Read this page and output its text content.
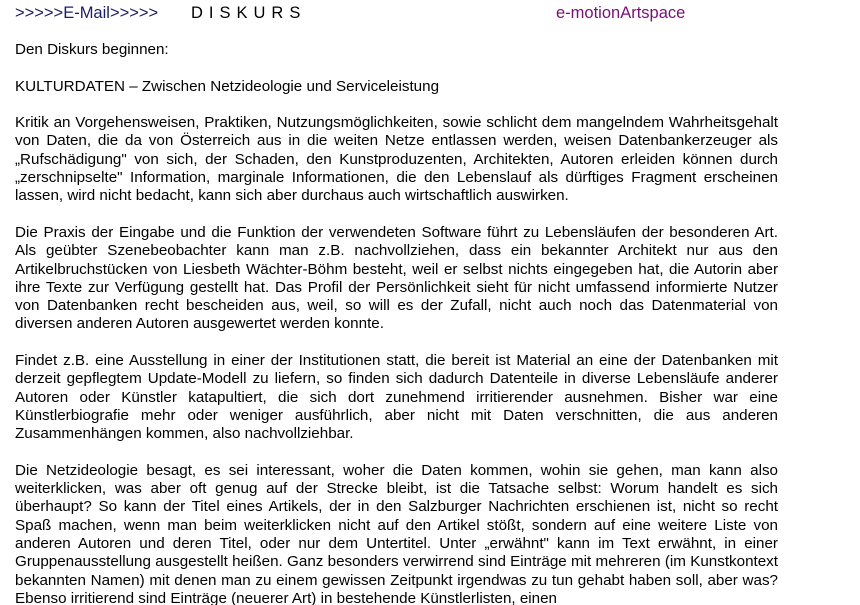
>>>>>E-Mail>>>>> DISKURS	e-motionArtspace

Den Diskurs beginnen:

KULTURDATEN – Zwischen Netzideologie und Serviceleistung

Kritik an Vorgehensweisen, Praktiken, Nutzungsmöglichkeiten, sowie schlicht dem mangelndem Wahrheitsgehalt von Daten, die da von Österreich aus in die weiten Netze entlassen werden, weisen Datenbankerzeuger als „Rufschädigung" von sich, der Schaden, den Kunstproduzenten, Architekten, Autoren erleiden können durch „zerschnipselte" Information, marginale Informationen, die den Lebenslauf als dürftiges Fragment erscheinen lassen, wird nicht bedacht, kann sich aber durchaus auch wirtschaftlich auswirken.

Die Praxis der Eingabe und die Funktion der verwendeten Software führt zu Lebensläufen der besonderen Art. Als geübter Szenebeobachter kann man z.B. nachvollziehen, dass ein bekannter Architekt nur aus den Artikelbruchstücken von Liesbeth Wächter-Böhm besteht, weil er selbst nichts eingegeben hat, die Autorin aber ihre Texte zur Verfügung gestellt hat. Das Profil der Persönlichkeit sieht für nicht umfassend informierte Nutzer von Datenbanken recht bescheiden aus, weil, so will es der Zufall, nicht auch noch das Datenmaterial von diversen anderen Autoren ausgewertet werden konnte.

Findet z.B. eine Ausstellung in einer der Institutionen statt, die bereit ist Material an eine der Datenbanken mit derzeit gepflegtem Update-Modell zu liefern, so finden sich dadurch Datenteile in diverse Lebensläufe anderer Autoren oder Künstler katapultiert, die sich dort zunehmend irritierender ausnehmen. Bisher war eine Künstlerbiografie mehr oder weniger ausführlich, aber nicht mit Daten verschnitten, die aus anderen Zusammenhängen kommen, also nachvollziehbar.

Die Netzideologie besagt, es sei interessant, woher die Daten kommen, wohin sie gehen, man kann also weiterklicken, was aber oft genug auf der Strecke bleibt, ist die Tatsache selbst: Worum handelt es sich überhaupt? So kann der Titel eines Artikels, der in den Salzburger Nachrichten erschienen ist, nicht so recht Spaß machen, wenn man beim weiterklicken nicht auf den Artikel stößt, sondern auf eine weitere Liste von anderen Autoren und deren Titel, oder nur dem Untertitel. Unter „erwähnt" kann im Text erwähnt, in einer Gruppenausstellung ausgestellt heißen. Ganz besonders verwirrend sind Einträge mit mehreren (im Kunstkontext bekannten Namen) mit denen man zu einem gewissen Zeitpunkt irgendwas zu tun gehabt haben soll, aber was? Ebenso irritierend sind Einträge (neuerer Art) in bestehende Künstlerlisten, einen
